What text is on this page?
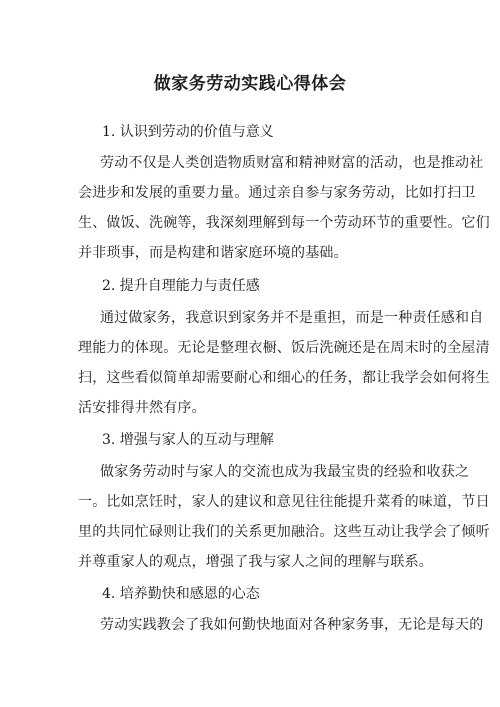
做家务劳动实践心得体会
1. 认识到劳动的价值与意义
劳动不仅是人类创造物质财富和精神财富的活动，也是推动社
会进步和发展的重要力量。通过亲自参与家务劳动，比如打扫卫
生、做饭、洗碗等，我深刻理解到每一个劳动环节的重要性。它们
并非琐事，而是构建和谐家庭环境的基础。
2. 提升自理能力与责任感
通过做家务，我意识到家务并不是重担，而是一种责任感和自
理能力的体现。无论是整理衣橱、饭后洗碗还是在周末时的全屋清
扫，这些看似简单却需要耐心和细心的任务，都让我学会如何将生
活安排得井然有序。
3. 增强与家人的互动与理解
做家务劳动时与家人的交流也成为我最宝贵的经验和收获之
一。比如烹饪时，家人的建议和意见往往能提升菜肴的味道，节日
里的共同忙碌则让我们的关系更加融洽。这些互动让我学会了倾听
并尊重家人的观点，增强了我与家人之间的理解与联系。
4. 培养勤快和感恩的心态
劳动实践教会了我如何勤快地面对各种家务事，无论是每天的
